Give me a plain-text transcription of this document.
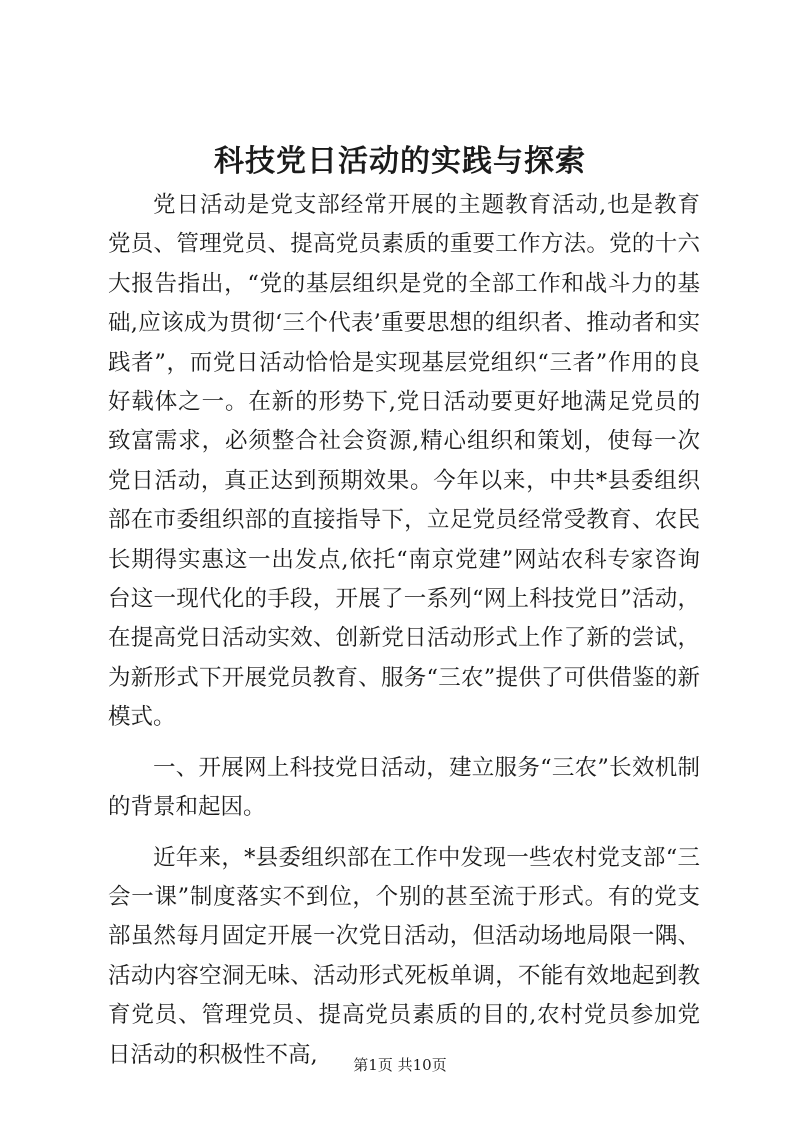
科技党日活动的实践与探索

党日活动是党支部经常开展的主题教育活动,也是教育党员、管理党员、提高党员素质的重要工作方法。党的十六大报告指出，“党的基层组织是党的全部工作和战斗力的基础,应该成为贯彻‘三个代表’重要思想的组织者、推动者和实践者”，而党日活动恰恰是实现基层党组织“三者”作用的良好载体之一。在新的形势下,党日活动要更好地满足党员的致富需求，必须整合社会资源,精心组织和策划，使每一次党日活动，真正达到预期效果。今年以来，中共*县委组织部在市委组织部的直接指导下，立足党员经常受教育、农民长期得实惠这一出发点,依托“南京党建”网站农科专家咨询台这一现代化的手段，开展了一系列“网上科技党日”活动，在提高党日活动实效、创新党日活动形式上作了新的尝试，为新形式下开展党员教育、服务“三农”提供了可供借鉴的新模式。

一、开展网上科技党日活动，建立服务“三农”长效机制的背景和起因。

近年来，*县委组织部在工作中发现一些农村党支部“三会一课”制度落实不到位，个别的甚至流于形式。有的党支部虽然每月固定开展一次党日活动，但活动场地局限一隅、活动内容空洞无味、活动形式死板单调，不能有效地起到教育党员、管理党员、提高党员素质的目的,农村党员参加党日活动的积极性不高,	第1页 共10页
